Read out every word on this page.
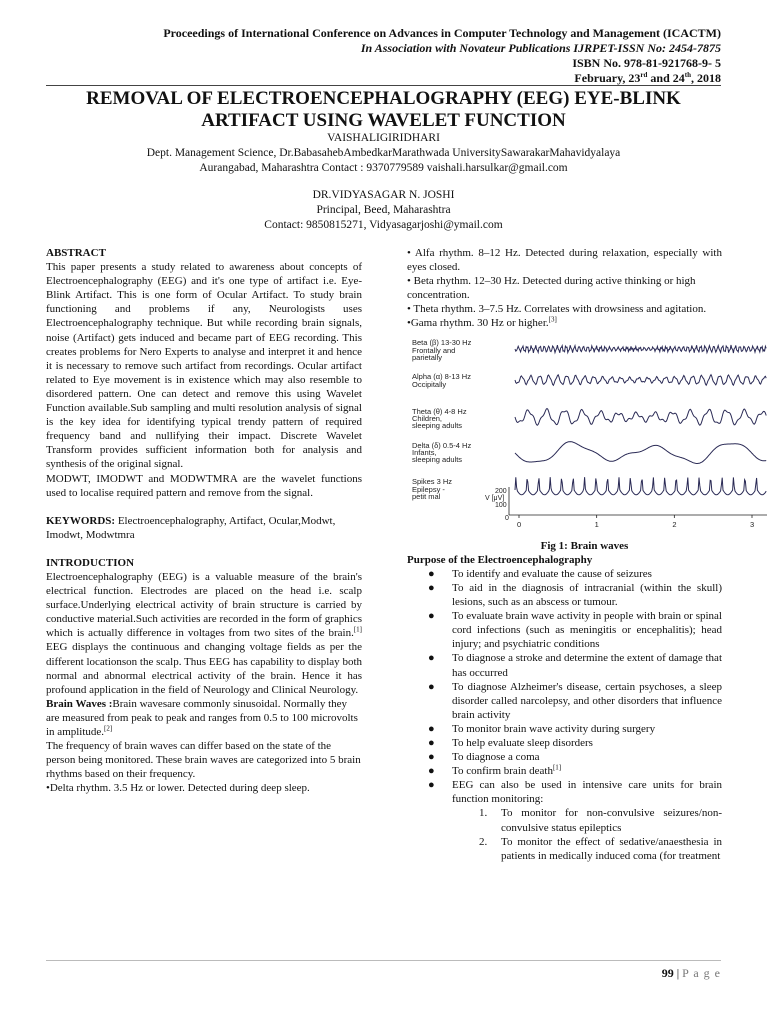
Proceedings of International Conference on Advances in Computer Technology and Management (ICACTM)
In Association with Novateur Publications IJRPET-ISSN No: 2454-7875
ISBN No. 978-81-921768-9- 5
February, 23rd and 24th, 2018
REMOVAL OF ELECTROENCEPHALOGRAPHY (EEG) EYE-BLINK
ARTIFACT USING WAVELET FUNCTION
VAISHALIGIRIDHARI
Dept. Management Science, Dr.BabasahebAmbedkarMarathwada UniversitySawarakarMahavidyalaya
Aurangabad, Maharashtra Contact : 9370779589 vaishali.harsulkar@gmail.com
DR.VIDYASAGAR N. JOSHI
Principal, Beed, Maharashtra
Contact: 9850815271, Vidyasagarjoshi@ymail.com

ABSTRACT

This paper presents a study related to awareness about concepts of Electroencephalography (EEG) and it's one type of artifact i.e. Eye-Blink Artifact. This is one form of Ocular Artifact. To study brain functioning and problems if any, Neurologists uses Electroencephalography technique. But while recording brain signals, noise (Artifact) gets induced and became part of EEG recording. This creates problems for Nero Experts to analyse and interpret it and hence it is necessary to remove such artifact from recordings. Ocular artifact related to Eye movement is in existence which may also resemble to disordered pattern. One can detect and remove this using Wavelet Function available.Sub sampling and multi resolution analysis of signal is the key idea for identifying typical trendy pattern of required frequency band and nullifying their impact. Discrete Wavelet Transform provides sufficient information both for analysis and synthesis of the original signal.

MODWT, IMODWT and MODWTMRA are the wavelet functions used to localise required pattern and remove from the signal.

KEYWORDS: Electroencephalography, Artifact, Ocular,Modwt, Imodwt, Modwtmra

INTRODUCTION

Electroencephalography (EEG) is a valuable measure of the brain's electrical function. Electrodes are placed on the head i.e. scalp surface.Underlying electrical activity of brain structure is carried by conductive material.Such activities are recorded in the form of graphics which is actually difference in voltages from two sites of the brain.[1] EEG displays the continuous and changing voltage fields as per the different locationson the scalp. Thus EEG has capability to display both normal and abnormal electrical activity of the brain. Hence it has profound application in the field of Neurology and Clinical Neurology.

Brain Waves :Brain wavesare commonly sinusoidal. Normally they are measured from peak to peak and ranges from 0.5 to 100 microvolts in amplitude.[2]

The frequency of brain waves can differ based on the state of the person being monitored. These brain waves are categorized into 5 brain rhythms based on their frequency.

•Delta rhythm. 3.5 Hz or lower. Detected during deep sleep.

• Alfa rhythm. 8–12 Hz. Detected during relaxation, especially with eyes closed.

• Beta rhythm. 12–30 Hz. Detected during active thinking or high concentration.

• Theta rhythm. 3–7.5 Hz. Correlates with drowsiness and agitation.

•Gama rhythm. 30 Hz or higher.[3]

Beta (β) 13-30 Hz
Frontally and
parietally
Alpha (α) 8-13 Hz
Occipitally
Theta (θ) 4-8 Hz
Children,
sleeping adults
Delta (δ) 0.5-4 Hz
Infants,
sleeping adults
Spikes 3 Hz
Epilepsy -
petit mal
200
V [μV]
100
0
0	1	2	3

Fig 1: Brain waves

Purpose of the Electroencephalography

● To identify and evaluate the cause of seizures
● To aid in the diagnosis of intracranial (within the skull) lesions, such as an abscess or tumour.
● To evaluate brain wave activity in people with brain or spinal cord infections (such as meningitis or encephalitis); head injury; and psychiatric conditions
● To diagnose a stroke and determine the extent of damage that has occurred
● To diagnose Alzheimer's disease, certain psychoses, a sleep disorder called narcolepsy, and other disorders that influence brain activity
● To monitor brain wave activity during surgery
● To help evaluate sleep disorders
● To diagnose a coma
● To confirm brain death[1]
● EEG can also be used in intensive care units for brain function monitoring:
1. To monitor for non-convulsive seizures/non-convulsive status epileptics
2. To monitor the effect of sedative/anaesthesia in patients in medically induced coma (for treatment
99 | P a g e
